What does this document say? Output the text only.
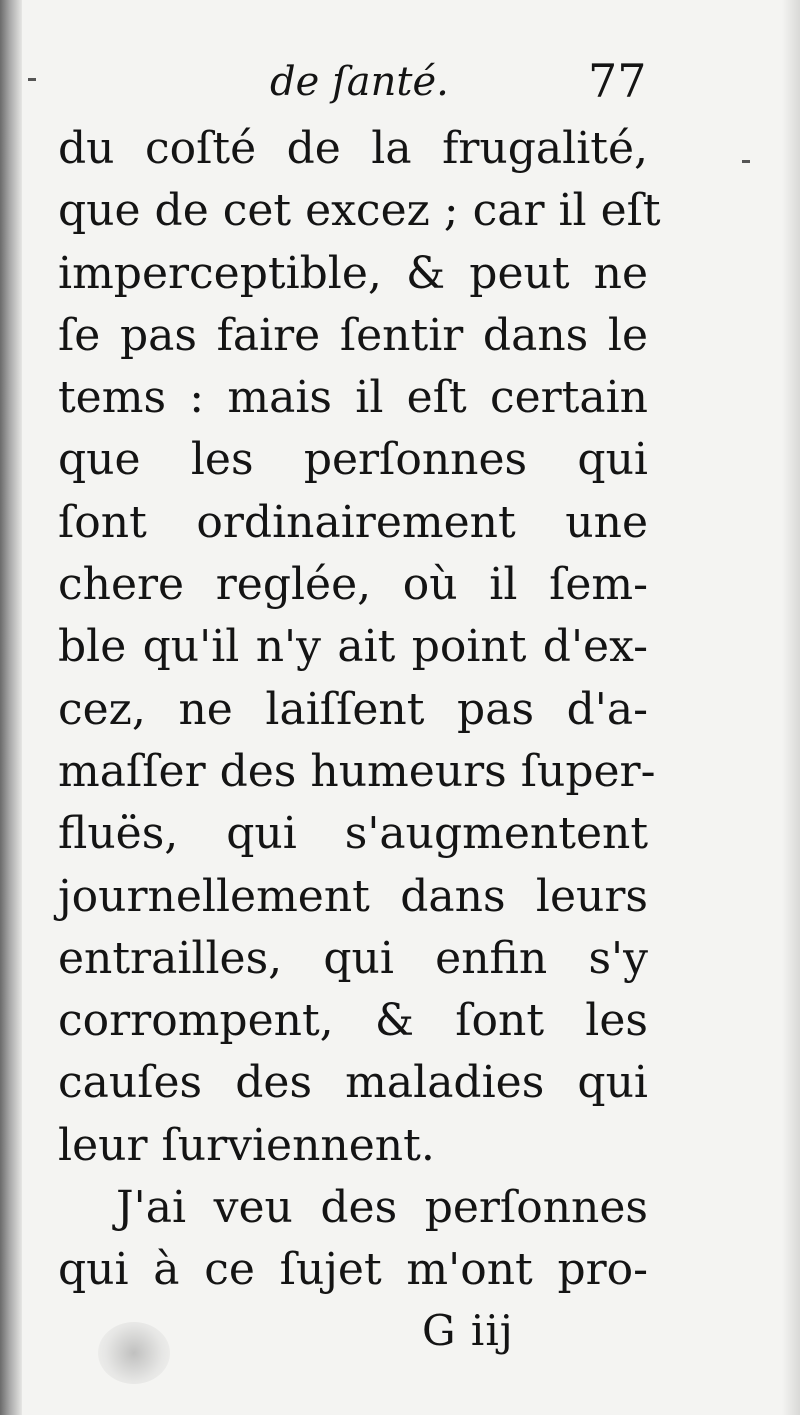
de ſanté.	77
du coſté de la frugalité,
que de cet excez ; car il eſt
imperceptible, & peut ne
ſe pas faire ſentir dans le
tems : mais il eſt certain
que les perſonnes qui
ſont ordinairement une
chere reglée, où il ſem-
ble qu'il n'y ait point d'ex-
cez, ne laiſſent pas d'a-
maſſer des humeurs ſuper-
fluës, qui s'augmentent
journellement dans leurs
entrailles, qui enfin s'y
corrompent, & ſont les
cauſes des maladies qui
leur ſurviennent.
J'ai veu des perſonnes
qui à ce ſujet m'ont pro-
G iij
